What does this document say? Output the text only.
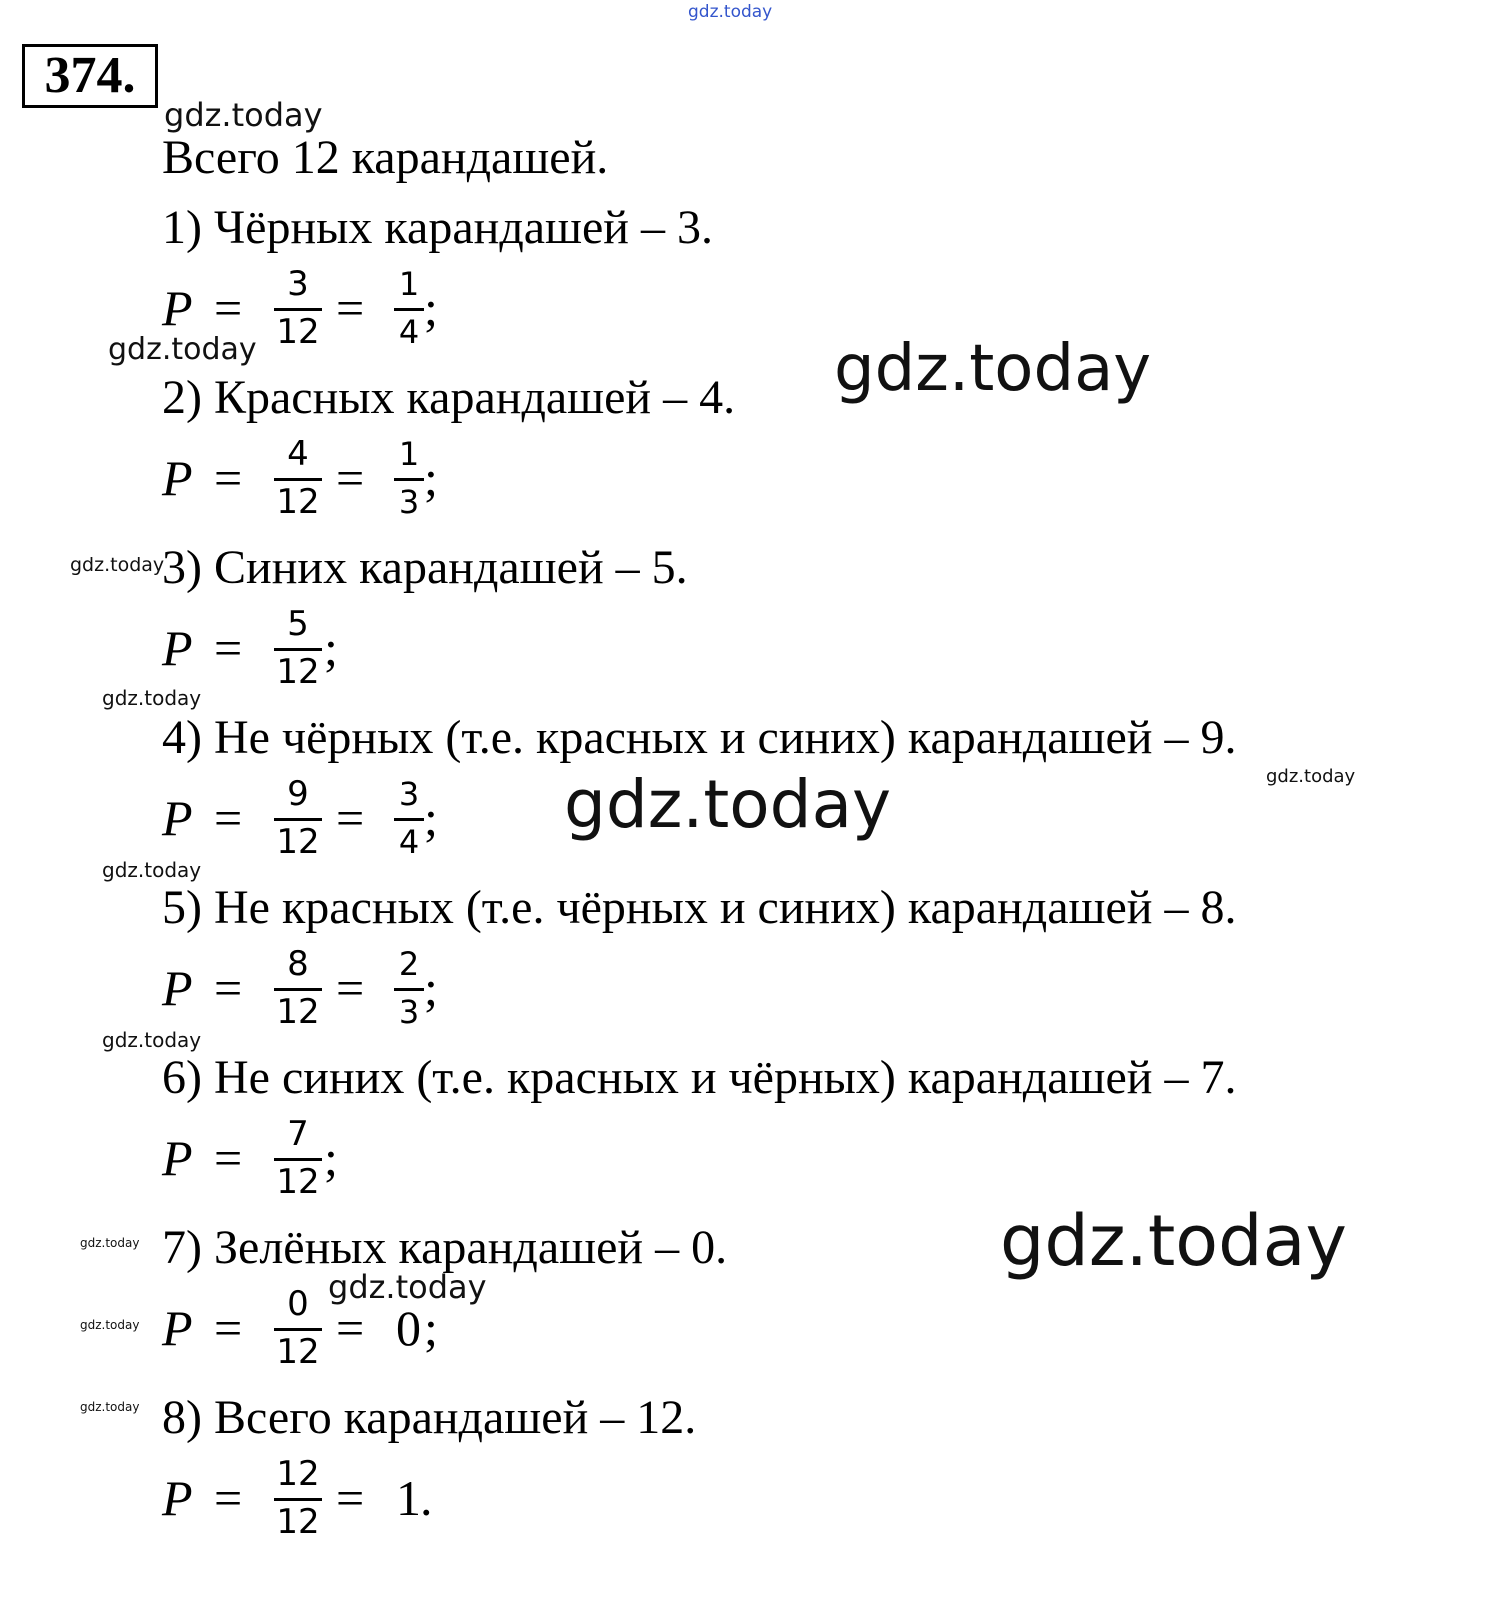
374.
Всего 12 карандашей.
1) Чёрных карандашей – 3.
P =	3
12 = 1
4 ;
2) Красных карандашей – 4.
P =	4
12 = 1
3 ;
3) Синих карандашей – 5.
P =	5
12 ;
4) Не чёрных (т.е. красных и синих) карандашей – 9.
P =	9
12 = 3
4 ;
5) Не красных (т.е. чёрных и синих) карандашей – 8.
P =	8
12 = 2
3 ;
6) Не синих (т.е. красных и чёрных) карандашей – 7.
P =	7
12 ;
7) Зелёных карандашей – 0.
P =	0
12 = 0 ;
8) Всего карандашей – 12.
P = 12
12 = 1 .
gdz.today
gdz.today
gdz.today	gdz.today
gdz.today
gdz.today
gdz.today	gdz.today
gdz.today
gdz.today
gdz.today	gdz.today
gdz.today
gdz.today
gdz.today
